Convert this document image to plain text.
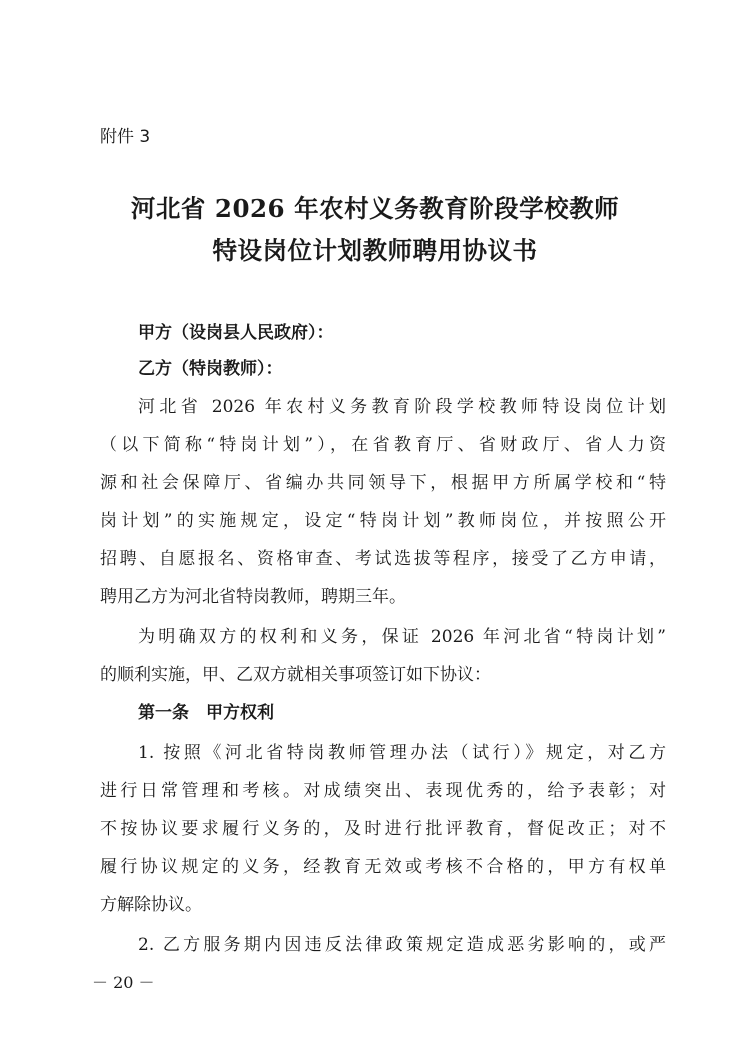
附件 3
河北省 2026 年农村义务教育阶段学校教师
特设岗位计划教师聘用协议书
甲方（设岗县人民政府）：
乙方（特岗教师）：
河北省 2026 年农村义务教育阶段学校教师特设岗位计划
（以下简称“特岗计划”），在省教育厅、省财政厅、省人力资
源和社会保障厅、省编办共同领导下，根据甲方所属学校和“特
岗计划”的实施规定，设定“特岗计划”教师岗位，并按照公开
招聘、自愿报名、资格审查、考试选拔等程序，接受了乙方申请，
聘用乙方为河北省特岗教师，聘期三年。
为明确双方的权利和义务，保证 2026 年河北省“特岗计划”
的顺利实施，甲、乙双方就相关事项签订如下协议：
第一条　甲方权利
1. 按照《河北省特岗教师管理办法（试行）》规定，对乙方
进行日常管理和考核。对成绩突出、表现优秀的，给予表彰；对
不按协议要求履行义务的，及时进行批评教育，督促改正；对不
履行协议规定的义务，经教育无效或考核不合格的，甲方有权单
方解除协议。
2. 乙方服务期内因违反法律政策规定造成恶劣影响的，或严
－ 20 －
